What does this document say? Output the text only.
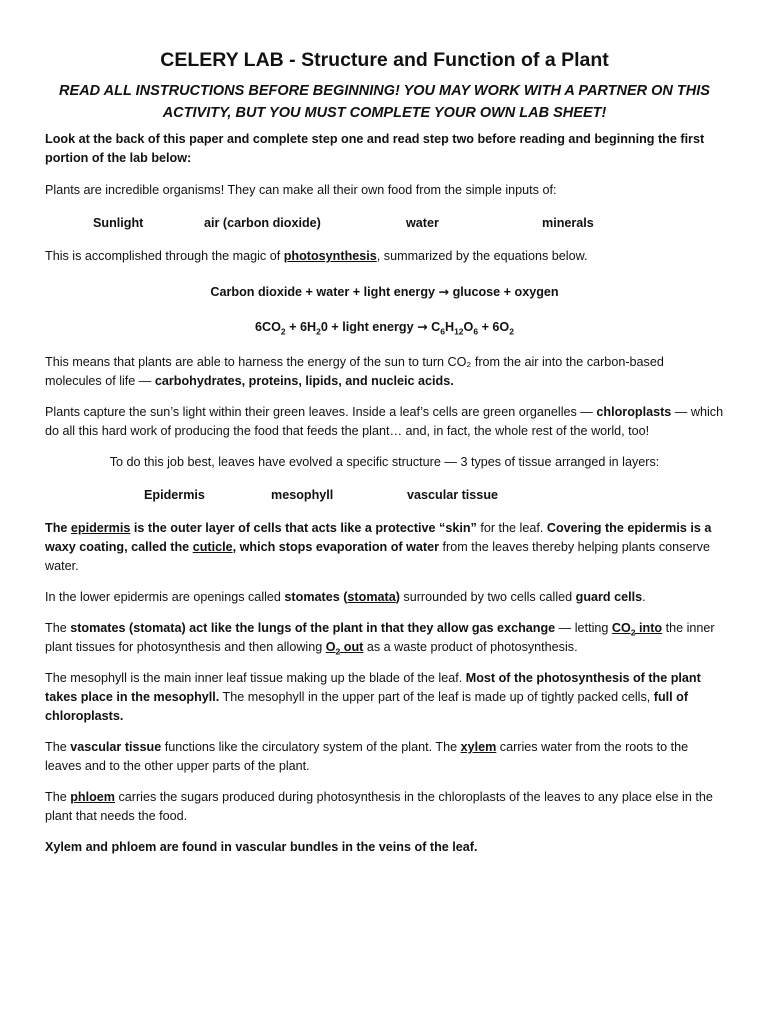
CELERY LAB - Structure and Function of a Plant
READ ALL INSTRUCTIONS BEFORE BEGINNING! YOU MAY WORK WITH A PARTNER ON THIS
ACTIVITY, BUT YOU MUST COMPLETE YOUR OWN LAB SHEET!
Look at the back of this paper and complete step one and read step two before reading and beginning the first portion of the lab below:
Plants are incredible organisms! They can make all their own food from the simple inputs of:
Sunlight	air (carbon dioxide)	water	minerals
This is accomplished through the magic of photosynthesis, summarized by the equations below.
Carbon dioxide + water + light energy → glucose + oxygen
$6CO_2 + 6H_20$ + light energy → $C_6H_{12}O_6 + 6O_2$
This means that plants are able to harness the energy of the sun to turn CO₂ from the air into the carbon-based molecules of life — carbohydrates, proteins, lipids, and nucleic acids.
Plants capture the sun’s light within their green leaves. Inside a leaf’s cells are green organelles — chloroplasts — which do all this hard work of producing the food that feeds the plant… and, in fact, the whole rest of the world, too!
To do this job best, leaves have evolved a specific structure — 3 types of tissue arranged in layers:
Epidermis	mesophyll	vascular tissue
The epidermis is the outer layer of cells that acts like a protective “skin” for the leaf. Covering the epidermis is a waxy coating, called the cuticle, which stops evaporation of water from the leaves thereby helping plants conserve water.
In the lower epidermis are openings called stomates (stomata) surrounded by two cells called guard cells.
The stomates (stomata) act like the lungs of the plant in that they allow gas exchange — letting $CO_2$ into the inner plant tissues for photosynthesis and then allowing $O_2$ out as a waste product of photosynthesis.
The mesophyll is the main inner leaf tissue making up the blade of the leaf. Most of the photosynthesis of the plant takes place in the mesophyll. The mesophyll in the upper part of the leaf is made up of tightly packed cells, full of chloroplasts.
The vascular tissue functions like the circulatory system of the plant. The xylem carries water from the roots to the leaves and to the other upper parts of the plant.
The phloem carries the sugars produced during photosynthesis in the chloroplasts of the leaves to any place else in the plant that needs the food.
Xylem and phloem are found in vascular bundles in the veins of the leaf.
